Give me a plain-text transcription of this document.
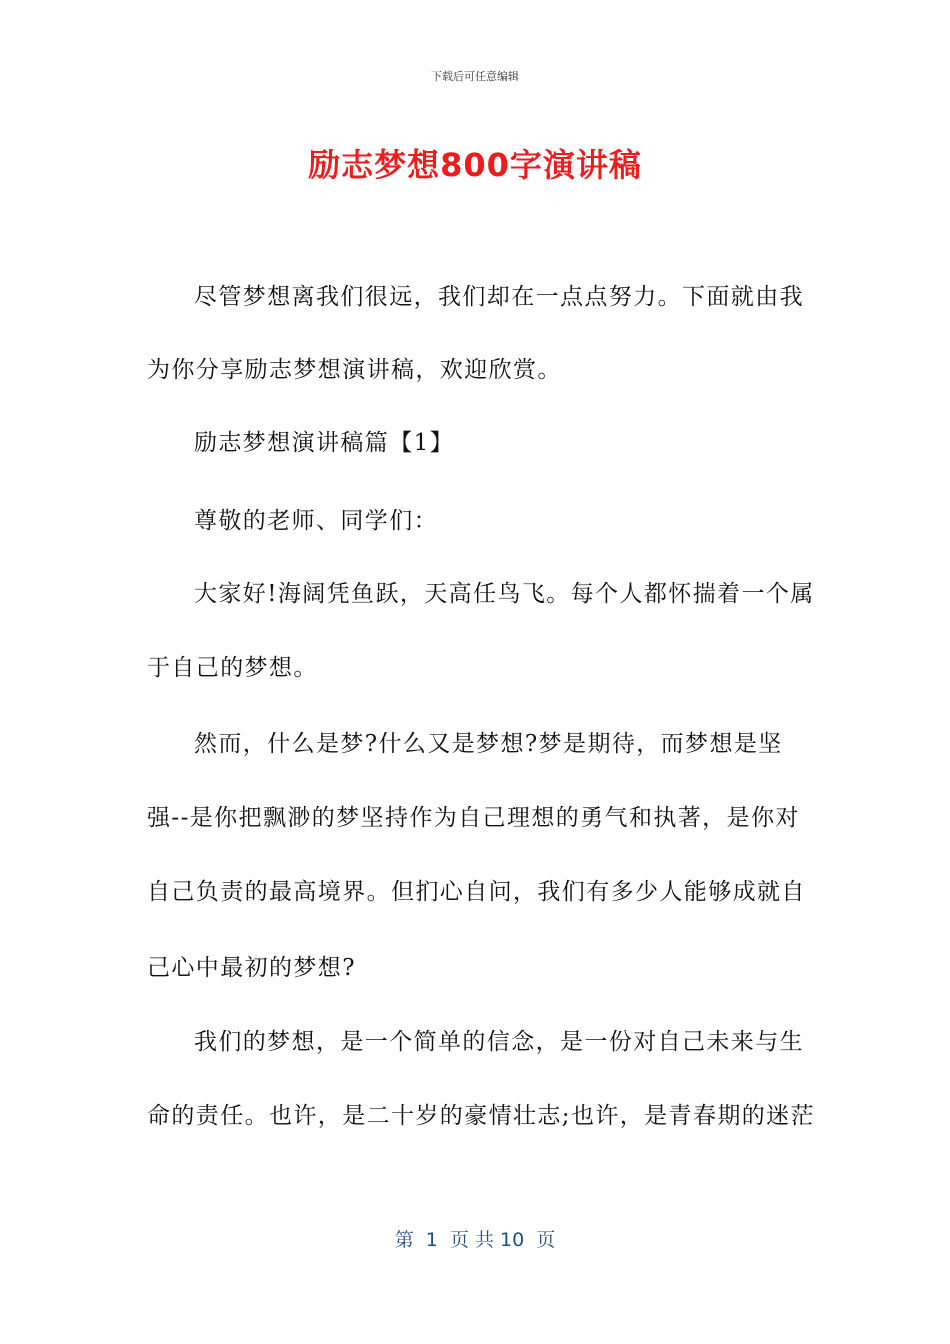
下载后可任意编辑
励志梦想800字演讲稿
尽管梦想离我们很远，我们却在一点点努力。下面就由我
为你分享励志梦想演讲稿，欢迎欣赏。
励志梦想演讲稿篇【1】
尊敬的老师、同学们：
大家好!海阔凭鱼跃，天高任鸟飞。每个人都怀揣着一个属
于自己的梦想。
然而，什么是梦?什么又是梦想?梦是期待，而梦想是坚
强--是你把飘渺的梦坚持作为自己理想的勇气和执著，是你对
自己负责的最高境界。但扪心自问，我们有多少人能够成就自
己心中最初的梦想?
我们的梦想，是一个简单的信念，是一份对自己未来与生
命的责任。也许，是二十岁的豪情壮志;也许，是青春期的迷茫
第  1  页 共 10  页
